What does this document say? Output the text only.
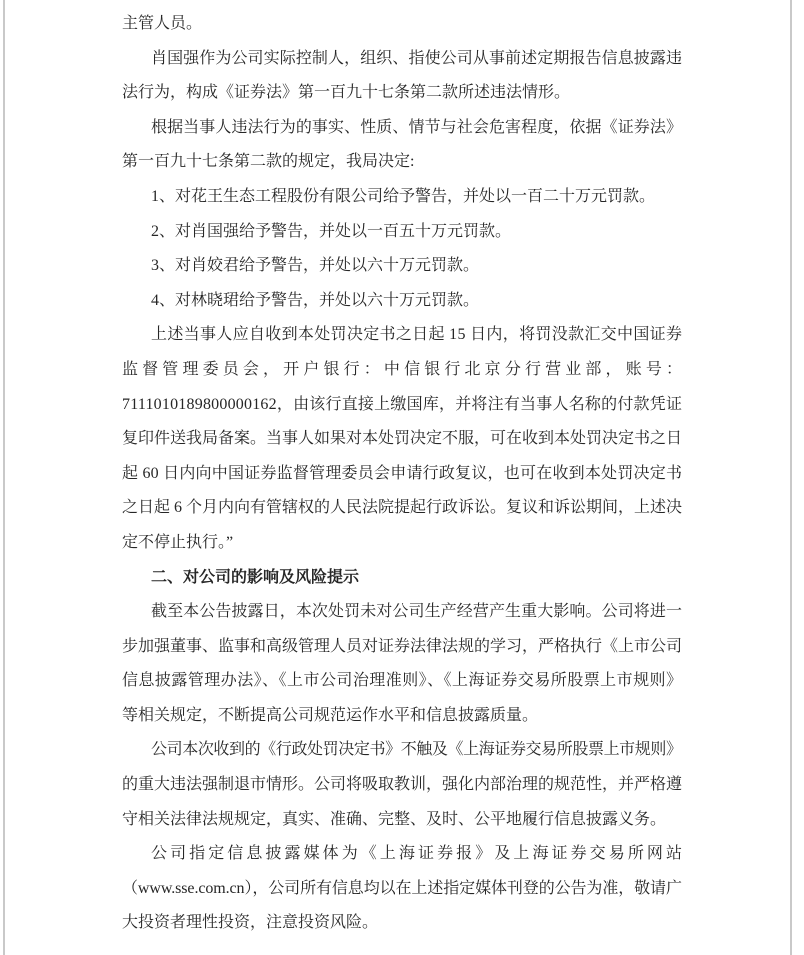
主管人员。
肖国强作为公司实际控制人，组织、指使公司从事前述定期报告信息披露违
法行为，构成《证券法》第一百九十七条第二款所述违法情形。
根据当事人违法行为的事实、性质、情节与社会危害程度，依据《证券法》
第一百九十七条第二款的规定，我局决定:
1、对花王生态工程股份有限公司给予警告，并处以一百二十万元罚款。
2、对肖国强给予警告，并处以一百五十万元罚款。
3、对肖姣君给予警告，并处以六十万元罚款。
4、对林晓珺给予警告，并处以六十万元罚款。
上述当事人应自收到本处罚决定书之日起 15 日内，将罚没款汇交中国证券
监督管理委员会，开户银行：中信银行北京分行营业部，账号：
7111010189800000162，由该行直接上缴国库，并将注有当事人名称的付款凭证
复印件送我局备案。当事人如果对本处罚决定不服，可在收到本处罚决定书之日
起 60 日内向中国证券监督管理委员会申请行政复议，也可在收到本处罚决定书
之日起 6 个月内向有管辖权的人民法院提起行政诉讼。复议和诉讼期间，上述决
定不停止执行。”
二、对公司的影响及风险提示
截至本公告披露日，本次处罚未对公司生产经营产生重大影响。公司将进一
步加强董事、监事和高级管理人员对证券法律法规的学习，严格执行《上市公司
信息披露管理办法》、《上市公司治理准则》、《上海证券交易所股票上市规则》
等相关规定，不断提高公司规范运作水平和信息披露质量。
公司本次收到的《行政处罚决定书》不触及《上海证券交易所股票上市规则》
的重大违法强制退市情形。公司将吸取教训，强化内部治理的规范性，并严格遵
守相关法律法规规定，真实、准确、完整、及时、公平地履行信息披露义务。
公司指定信息披露媒体为《上海证券报》及上海证券交易所网站
（www.sse.com.cn），公司所有信息均以在上述指定媒体刊登的公告为准，敬请广
大投资者理性投资，注意投资风险。
